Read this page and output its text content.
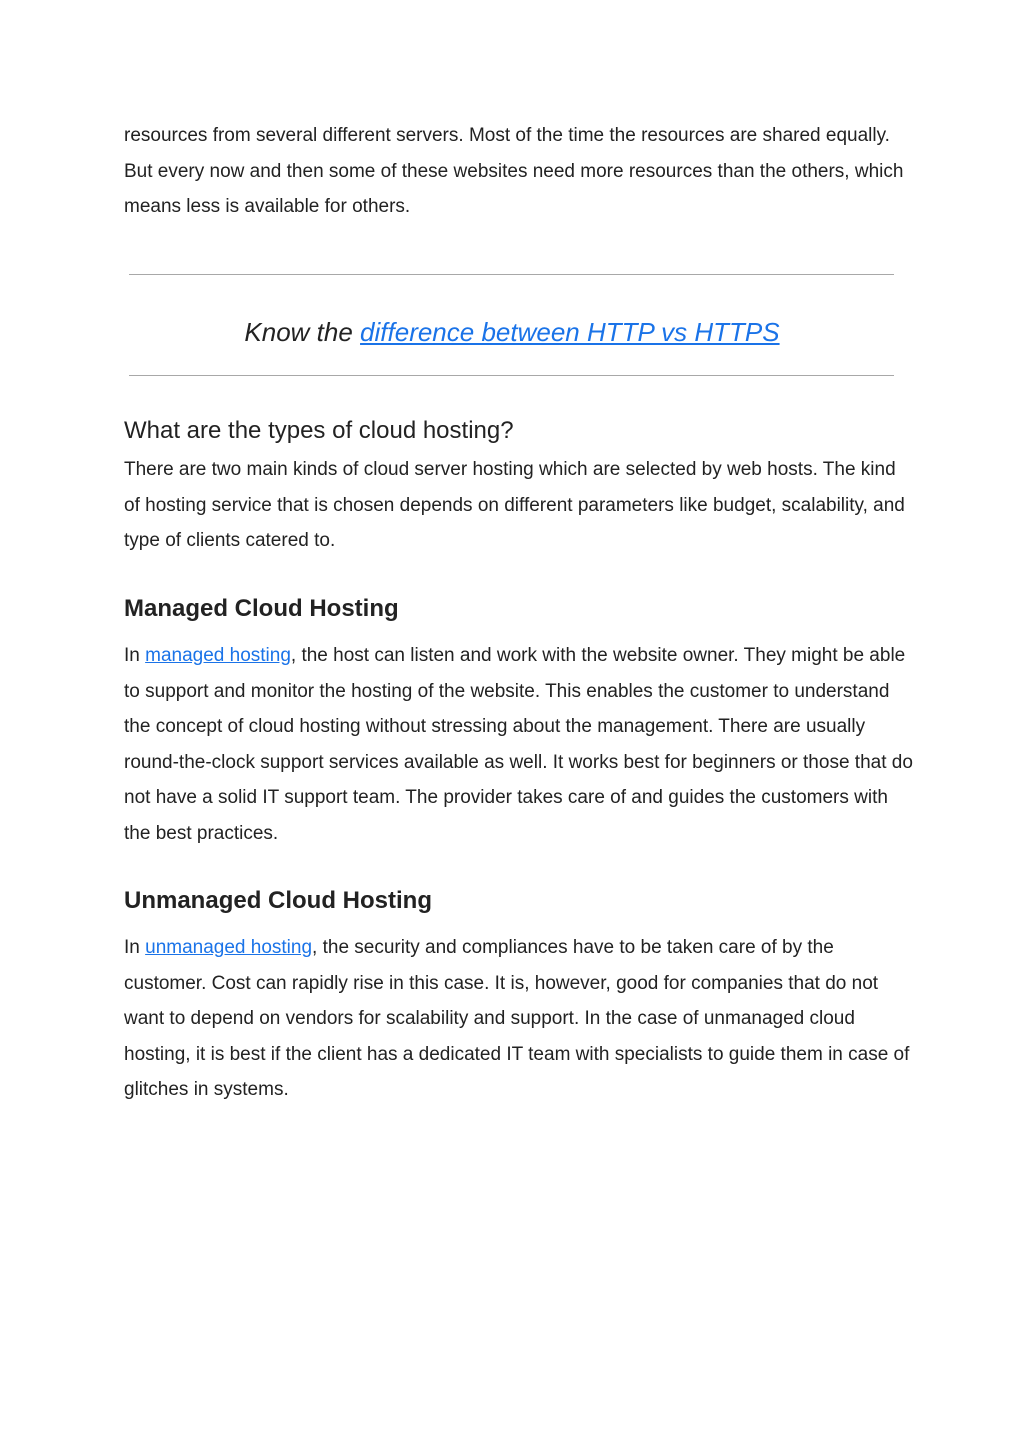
resources from several different servers. Most of the time the resources are shared equally. But every now and then some of these websites need more resources than the others, which means less is available for others.

Know the difference between HTTP vs HTTPS

What are the types of cloud hosting?

There are two main kinds of cloud server hosting which are selected by web hosts. The kind of hosting service that is chosen depends on different parameters like budget, scalability, and type of clients catered to.

Managed Cloud Hosting

In managed hosting, the host can listen and work with the website owner. They might be able to support and monitor the hosting of the website. This enables the customer to understand the concept of cloud hosting without stressing about the management. There are usually round-the-clock support services available as well. It works best for beginners or those that do not have a solid IT support team. The provider takes care of and guides the customers with the best practices.

Unmanaged Cloud Hosting

In unmanaged hosting, the security and compliances have to be taken care of by the customer. Cost can rapidly rise in this case. It is, however, good for companies that do not want to depend on vendors for scalability and support. In the case of unmanaged cloud hosting, it is best if the client has a dedicated IT team with specialists to guide them in case of glitches in systems.
